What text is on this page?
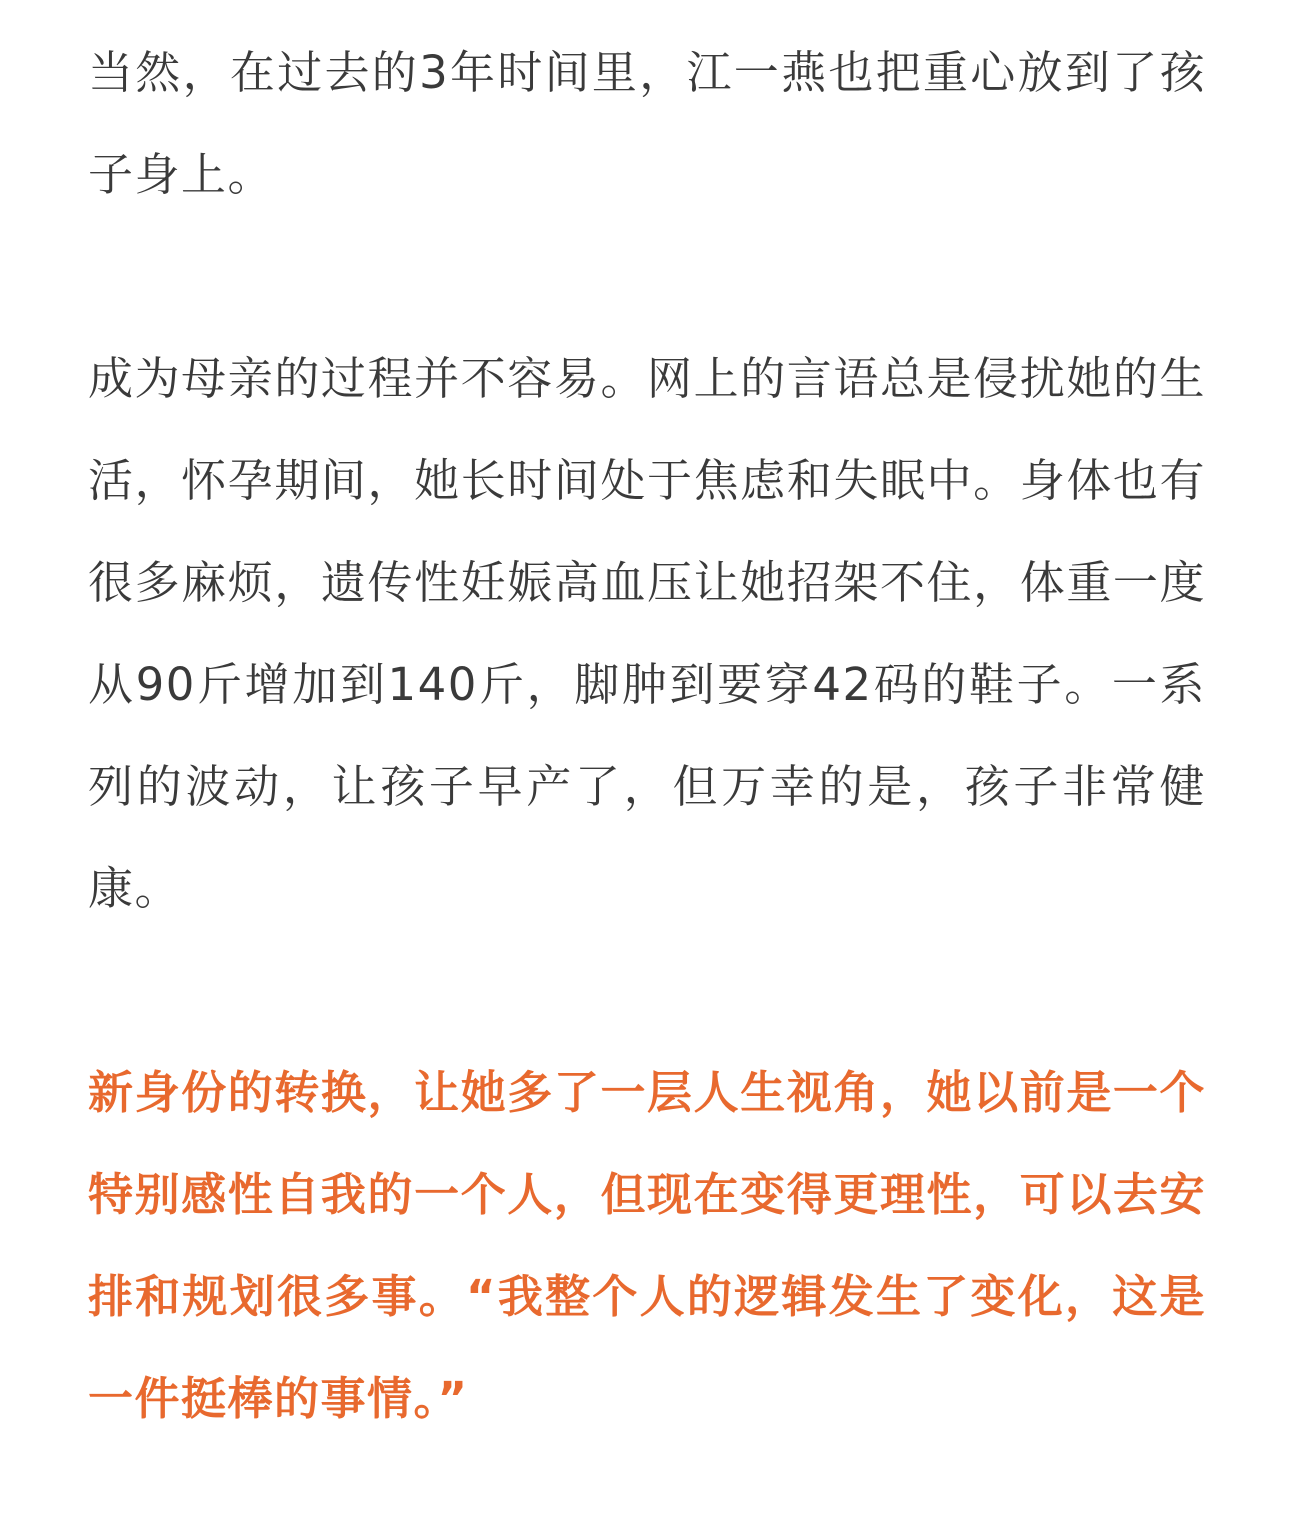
当然，在过去的3年时间里，江一燕也把重心放到了孩子身上。

成为母亲的过程并不容易。网上的言语总是侵扰她的生活，怀孕期间，她长时间处于焦虑和失眠中。身体也有很多麻烦，遗传性妊娠高血压让她招架不住，体重一度从90斤增加到140斤，脚肿到要穿42码的鞋子。一系列的波动，让孩子早产了，但万幸的是，孩子非常健康。

新身份的转换，让她多了一层人生视角，她以前是一个特别感性自我的一个人，但现在变得更理性，可以去安排和规划很多事。“我整个人的逻辑发生了变化，这是一件挺棒的事情。”
